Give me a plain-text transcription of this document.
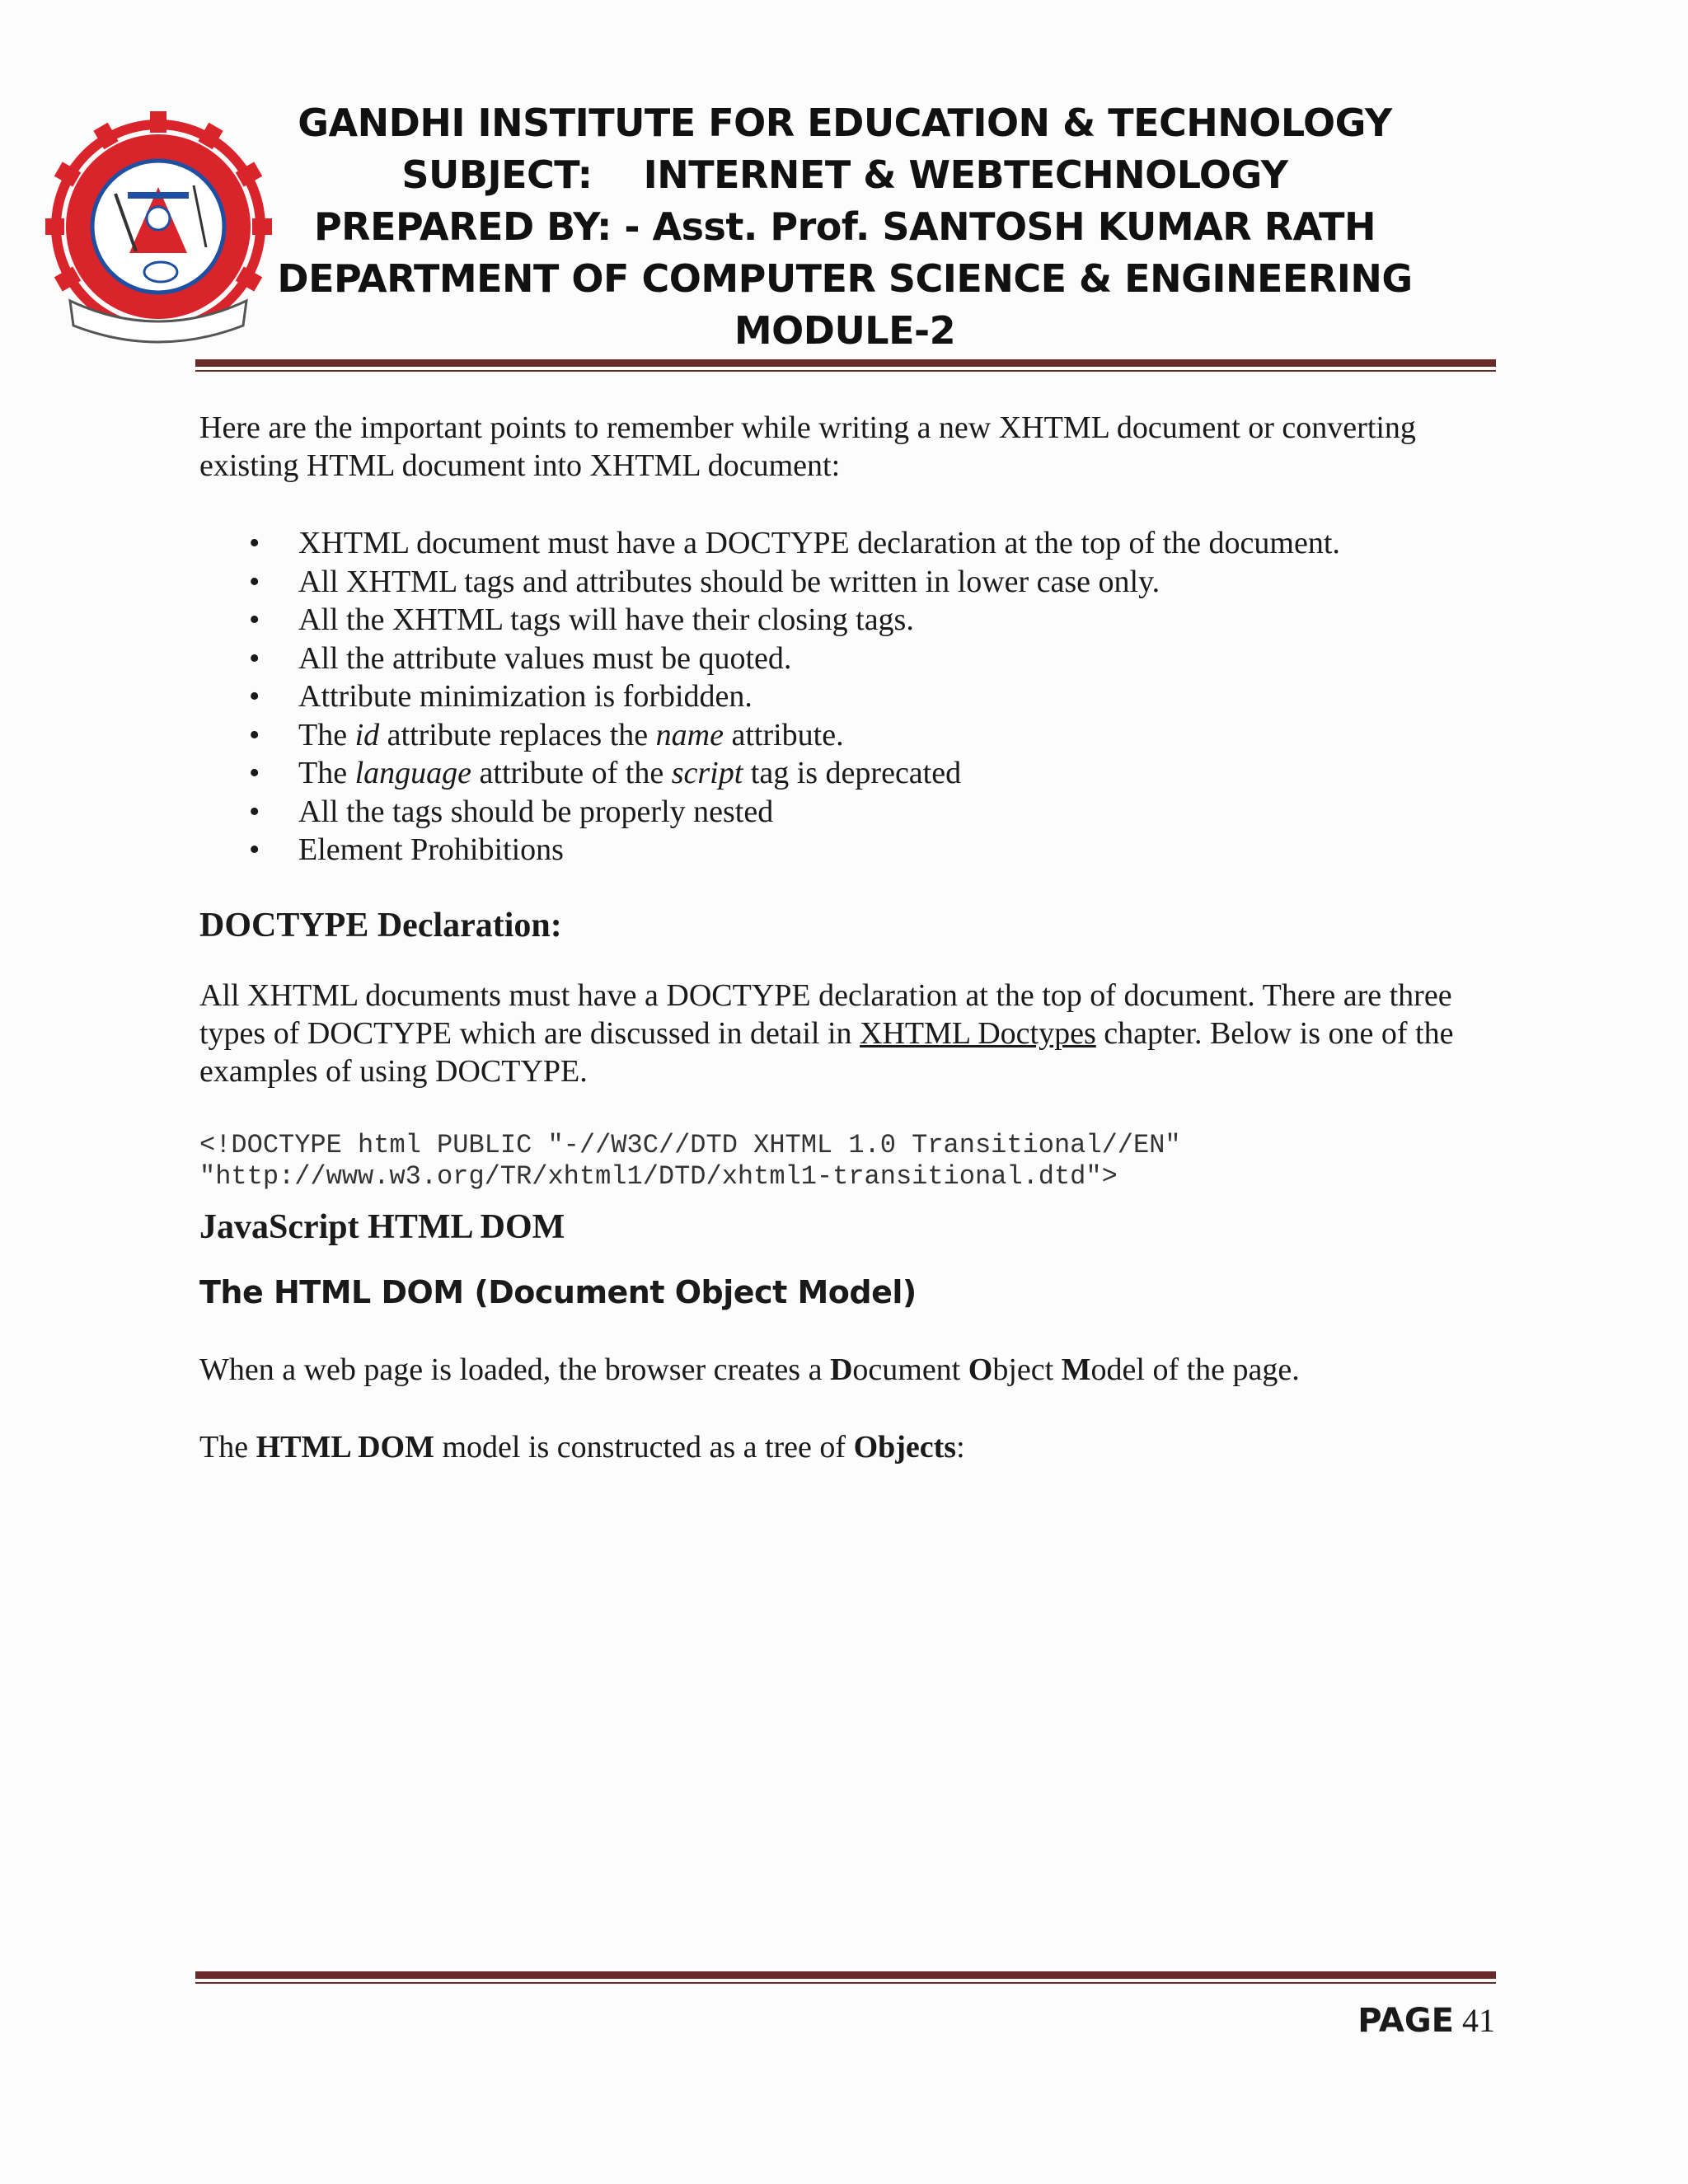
GANDHI INSTITUTE FOR EDUCATION & TECHNOLOGY
SUBJECT:    INTERNET & WEBTECHNOLOGY
PREPARED BY: - Asst. Prof. SANTOSH KUMAR RATH
DEPARTMENT OF COMPUTER SCIENCE & ENGINEERING
MODULE-2

Here are the important points to remember while writing a new XHTML document or converting existing HTML document into XHTML document:

• XHTML document must have a DOCTYPE declaration at the top of the document.
• All XHTML tags and attributes should be written in lower case only.
• All the XHTML tags will have their closing tags.
• All the attribute values must be quoted.
• Attribute minimization is forbidden.
• The id attribute replaces the name attribute.
• The language attribute of the script tag is deprecated
• All the tags should be properly nested
• Element Prohibitions
DOCTYPE Declaration:

All XHTML documents must have a DOCTYPE declaration at the top of document. There are three types of DOCTYPE which are discussed in detail in XHTML Doctypes chapter. Below is one of the examples of using DOCTYPE.

<!DOCTYPE html PUBLIC "-//W3C//DTD XHTML 1.0 Transitional//EN"
"http://www.w3.org/TR/xhtml1/DTD/xhtml1-transitional.dtd">
JavaScript HTML DOM
The HTML DOM (Document Object Model)

When a web page is loaded, the browser creates a Document Object Model of the page.

The HTML DOM model is constructed as a tree of Objects:

PAGE 41
